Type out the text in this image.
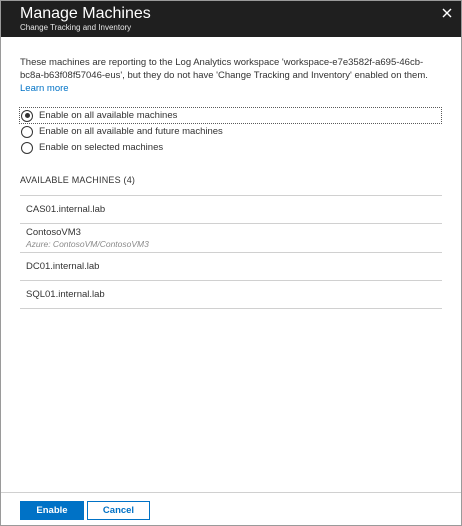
Manage Machines
Change Tracking and Inventory

These machines are reporting to the Log Analytics workspace 'workspace-e7e3582f-a695-46cb-bc8a-b63f08f57046-eus', but they do not have 'Change Tracking and Inventory' enabled on them. Learn more

Enable on all available machines
Enable on all available and future machines
Enable on selected machines
AVAILABLE MACHINES (4)
CAS01.internal.lab
ContosoVM3
Azure: ContosoVM/ContosoVM3
DC01.internal.lab
SQL01.internal.lab
Enable	Cancel
